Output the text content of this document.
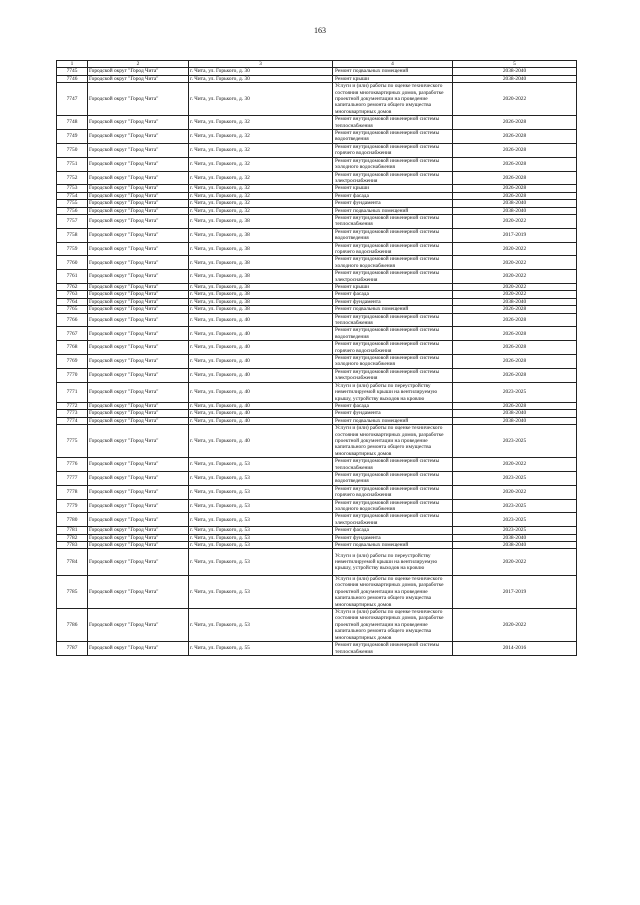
163
1	2	3	4	5
7745	Городской округ "Город Чита"	г. Чита, ул. Горького, д. 30	Ремонт подвальных помещений	2038-2040
7746	Городской округ "Город Чита"	г. Чита, ул. Горького, д. 30	Ремонт крыши	2038-2040
7747	Городской округ "Город Чита"	г. Чита, ул. Горького, д. 30	Услуги и (или) работы по оценке технического состояния многоквартирных домов, разработке проектной документации на проведение капитального ремонта общего имущества многоквартирных домов	2020-2022
7748	Городской округ "Город Чита"	г. Чита, ул. Горького, д. 32	Ремонт внутридомовой инженерной системы теплоснабжения	2026-2028
7749	Городской округ "Город Чита"	г. Чита, ул. Горького, д. 32	Ремонт внутридомовой инженерной системы водоотведения	2026-2028
7750	Городской округ "Город Чита"	г. Чита, ул. Горького, д. 32	Ремонт внутридомовой инженерной системы горячего водоснабжения	2026-2028
7751	Городской округ "Город Чита"	г. Чита, ул. Горького, д. 32	Ремонт внутридомовой инженерной системы холодного водоснабжения	2026-2028
7752	Городской округ "Город Чита"	г. Чита, ул. Горького, д. 32	Ремонт внутридомовой инженерной системы электроснабжения	2026-2028
7753	Городской округ "Город Чита"	г. Чита, ул. Горького, д. 32	Ремонт крыши	2026-2028
7754	Городской округ "Город Чита"	г. Чита, ул. Горького, д. 32	Ремонт фасада	2026-2028
7755	Городской округ "Город Чита"	г. Чита, ул. Горького, д. 32	Ремонт фундамента	2038-2040
7756	Городской округ "Город Чита"	г. Чита, ул. Горького, д. 32	Ремонт подвальных помещений	2038-2040
7757	Городской округ "Город Чита"	г. Чита, ул. Горького, д. 38	Ремонт внутридомовой инженерной системы теплоснабжения	2020-2022
7758	Городской округ "Город Чита"	г. Чита, ул. Горького, д. 38	Ремонт внутридомовой инженерной системы водоотведения	2017-2019
7759	Городской округ "Город Чита"	г. Чита, ул. Горького, д. 38	Ремонт внутридомовой инженерной системы горячего водоснабжения	2020-2022
7760	Городской округ "Город Чита"	г. Чита, ул. Горького, д. 38	Ремонт внутридомовой инженерной системы холодного водоснабжения	2020-2022
7761	Городской округ "Город Чита"	г. Чита, ул. Горького, д. 38	Ремонт внутридомовой инженерной системы электроснабжения	2020-2022
7762	Городской округ "Город Чита"	г. Чита, ул. Горького, д. 38	Ремонт крыши	2020-2022
7763	Городской округ "Город Чита"	г. Чита, ул. Горького, д. 38	Ремонт фасада	2020-2022
7764	Городской округ "Город Чита"	г. Чита, ул. Горького, д. 38	Ремонт фундамента	2038-2040
7765	Городской округ "Город Чита"	г. Чита, ул. Горького, д. 38	Ремонт подвальных помещений	2026-2028
7766	Городской округ "Город Чита"	г. Чита, ул. Горького, д. 40	Ремонт внутридомовой инженерной системы теплоснабжения	2026-2028
7767	Городской округ "Город Чита"	г. Чита, ул. Горького, д. 40	Ремонт внутридомовой инженерной системы водоотведения	2026-2028
7768	Городской округ "Город Чита"	г. Чита, ул. Горького, д. 40	Ремонт внутридомовой инженерной системы горячего водоснабжения	2026-2028
7769	Городской округ "Город Чита"	г. Чита, ул. Горького, д. 40	Ремонт внутридомовой инженерной системы холодного водоснабжения	2026-2028
7770	Городской округ "Город Чита"	г. Чита, ул. Горького, д. 40	Ремонт внутридомовой инженерной системы электроснабжения	2026-2028
7771	Городской округ "Город Чита"	г. Чита, ул. Горького, д. 40	Услуги и (или) работы по переустройству невентилируемой крыши на вентилируемую крышу, устройству выходов на кровлю	2023-2025
7772	Городской округ "Город Чита"	г. Чита, ул. Горького, д. 40	Ремонт фасада	2026-2028
7773	Городской округ "Город Чита"	г. Чита, ул. Горького, д. 40	Ремонт фундамента	2038-2040
7774	Городской округ "Город Чита"	г. Чита, ул. Горького, д. 40	Ремонт подвальных помещений	2038-2040
7775	Городской округ "Город Чита"	г. Чита, ул. Горького, д. 40	Услуги и (или) работы по оценке технического состояния многоквартирных домов, разработке проектной документации на проведение капитального ремонта общего имущества многоквартирных домов	2023-2025
7776	Городской округ "Город Чита"	г. Чита, ул. Горького, д. 53	Ремонт внутридомовой инженерной системы теплоснабжения	2020-2022
7777	Городской округ "Город Чита"	г. Чита, ул. Горького, д. 53	Ремонт внутридомовой инженерной системы водоотведения	2023-2025
7778	Городской округ "Город Чита"	г. Чита, ул. Горького, д. 53	Ремонт внутридомовой инженерной системы горячего водоснабжения	2020-2022
7779	Городской округ "Город Чита"	г. Чита, ул. Горького, д. 53	Ремонт внутридомовой инженерной системы холодного водоснабжения	2023-2025
7780	Городской округ "Город Чита"	г. Чита, ул. Горького, д. 53	Ремонт внутридомовой инженерной системы электроснабжения	2023-2025
7781	Городской округ "Город Чита"	г. Чита, ул. Горького, д. 53	Ремонт фасада	2023-2025
7782	Городской округ "Город Чита"	г. Чита, ул. Горького, д. 53	Ремонт фундамента	2038-2040
7783	Городской округ "Город Чита"	г. Чита, ул. Горького, д. 53	Ремонт подвальных помещений	2038-2040
7784	Городской округ "Город Чита"	г. Чита, ул. Горького, д. 53	Услуги и (или) работы по переустройству невентилируемой крыши на вентилируемую крышу, устройству выходов на кровлю	2020-2022
7785	Городской округ "Город Чита"	г. Чита, ул. Горького, д. 53	Услуги и (или) работы по оценке технического состояния многоквартирных домов, разработке проектной документации на проведение капитального ремонта общего имущества многоквартирных домов	2017-2019
7786	Городской округ "Город Чита"	г. Чита, ул. Горького, д. 53	Услуги и (или) работы по оценке технического состояния многоквартирных домов, разработке проектной документации на проведение капитального ремонта общего имущества многоквартирных домов	2020-2022
7787	Городской округ "Город Чита"	г. Чита, ул. Горького, д. 55	Ремонт внутридомовой инженерной системы теплоснабжения	2014-2016
